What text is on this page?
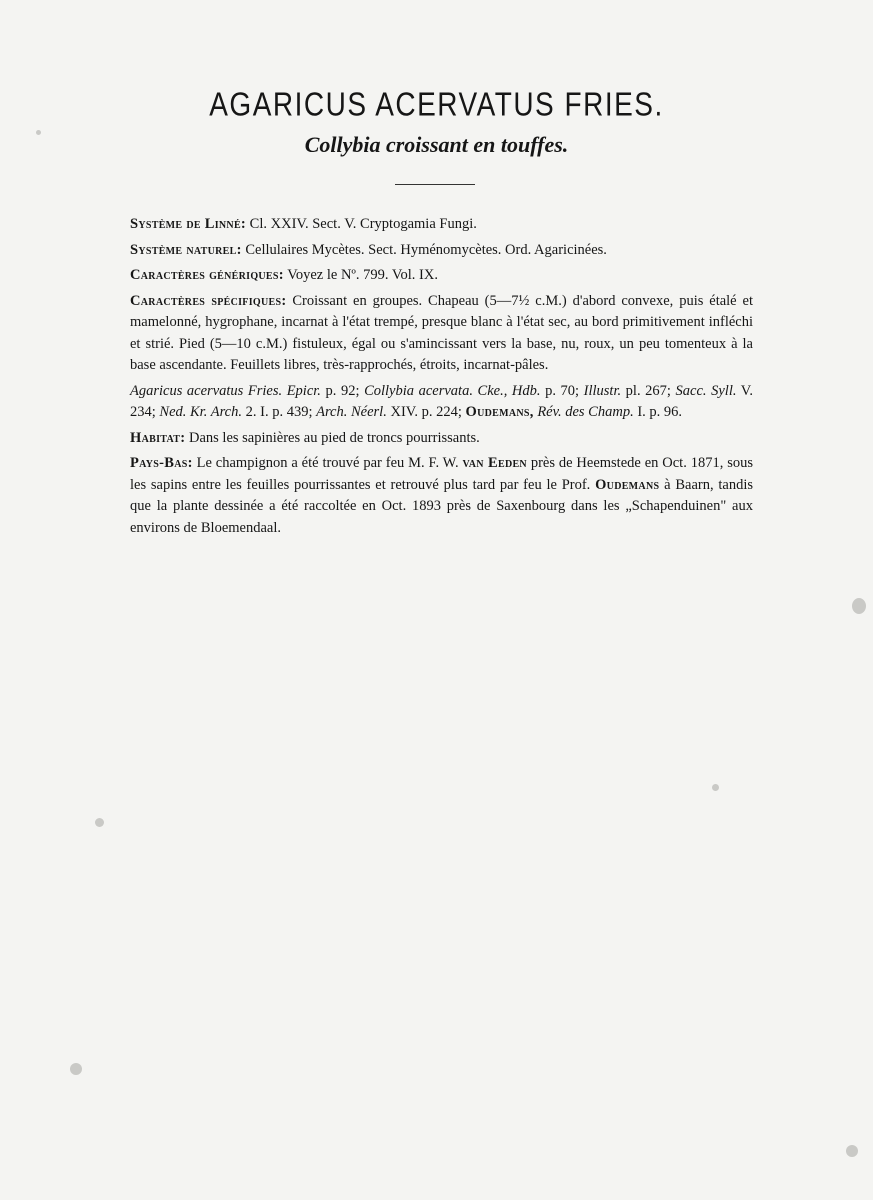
AGARICUS ACERVATUS FRIES.
Collybia croissant en touffes.

Système de Linné: Cl. XXIV. Sect. V. Cryptogamia Fungi.

Système naturel: Cellulaires Mycètes. Sect. Hyménomycètes. Ord. Agaricinées.

Caractères génériques: Voyez le Nº. 799. Vol. IX.

Caractères spécifiques: Croissant en groupes. Chapeau (5—7½ c.M.) d'abord convexe, puis étalé et mamelonné, hygrophane, incarnat à l'état trempé, presque blanc à l'état sec, au bord primitivement infléchi et strié. Pied (5—10 c.M.) fistuleux, égal ou s'amincissant vers la base, nu, roux, un peu tomenteux à la base ascendante. Feuillets libres, très-rapprochés, étroits, incarnat-pâles.

Agaricus acervatus Fries. Epicr. p. 92; Collybia acervata. Cke., Hdb. p. 70; Illustr. pl. 267; Sacc. Syll. V. 234; Ned. Kr. Arch. 2. I. p. 439; Arch. Néerl. XIV. p. 224; Oudemans, Rév. des Champ. I. p. 96.

Habitat: Dans les sapinières au pied de troncs pourrissants.

Pays-Bas: Le champignon a été trouvé par feu M. F. W. van Eeden près de Heemstede en Oct. 1871, sous les sapins entre les feuilles pourrissantes et retrouvé plus tard par feu le Prof. Oudemans à Baarn, tandis que la plante dessinée a été raccoltée en Oct. 1893 près de Saxenbourg dans les „Schapenduinen" aux environs de Bloemendaal.
